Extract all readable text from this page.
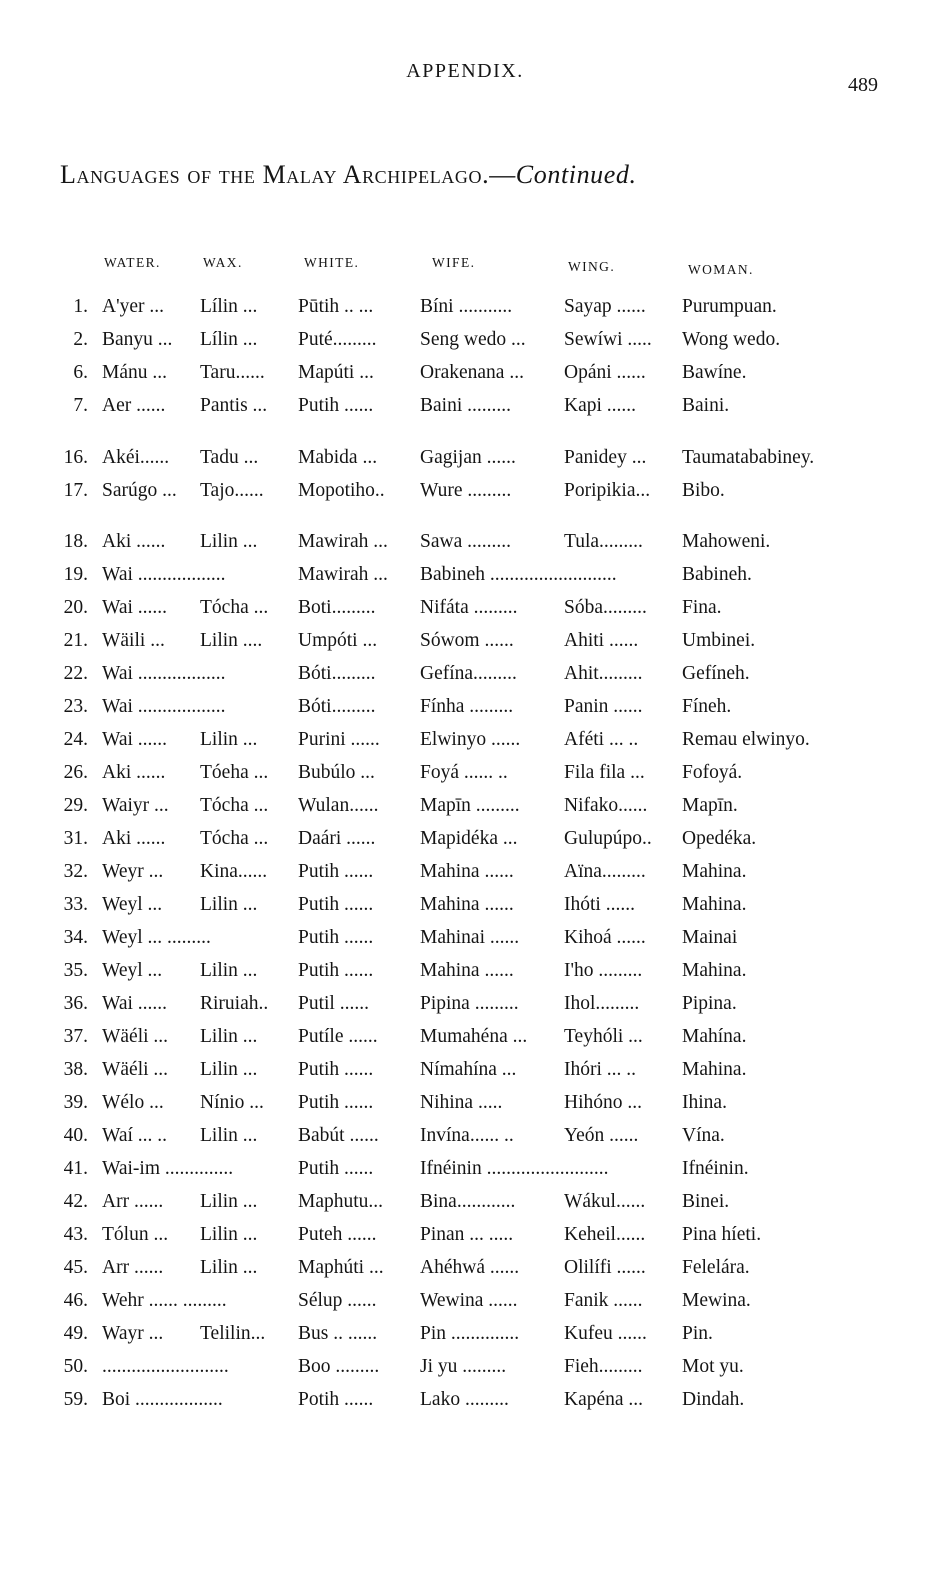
APPENDIX.
489
Languages of the Malay Archipelago.—Continued.
WATER.	WAX.	WHITE.	WIFE.	WING.	WOMAN.
1. A'yer ... Lílin ... Pūtih .. ... Bíni ...........	Sayap ...... Purumpuan.
2. Banyu ... Lílin ... Puté......... Seng wedo ... Sewíwi ..... Wong wedo.
6. Mánu ... Taru...... Mapúti ... Orakenana ... Opáni ...... Bawíne.
7. Aer ...... Pantis ... Putih ...... Baini .........	Kapi ...... Baini.
16. Akéi...... Tadu ... Mabida ... Gagijan ...... Panidey ... Taumatababiney.
17. Sarúgo ... Tajo...... Mopotiho.. Wure .........	Poripikia... Bibo.
18. Aki ...... Lilin ... Mawirah ... Sawa .........	Tula......... Mahoweni.
19. Wai ..................	Mawirah ... Babineh ..........................	Babineh.
20. Wai ...... Tócha ... Boti......... Nifáta ......... Sóba......... Fina.
21. Wäili ... Lilin .... Umpóti ... Sówom ......	Ahiti ...... Umbinei.
22. Wai ..................	Bóti......... Gefína......... Ahit......... Gefíneh.
23. Wai ..................	Bóti......... Fínha .........	Panin ...... Fíneh.
24. Wai ...... Lilin ... Purini ...... Elwinyo ...... Aféti ... .. Remau elwinyo.
26. Aki ...... Tóeha ... Bubúlo ... Foyá ...... ..	Fila fila ... Fofoyá.
29. Waiyr ... Tócha ... Wulan...... Mapīn ......... Nifako...... Mapīn.
31. Aki ...... Tócha ... Daári ...... Mapidéka ... Gulupúpo.. Opedéka.
32. Weyr ... Kina...... Putih ...... Mahina ......	Aïna......... Mahina.
33. Weyl ... Lilin ... Putih ...... Mahina ......	Ihóti ...... Mahina.
34. Weyl ... .........	Putih ...... Mahinai ...... Kihoá ...... Mainai
35. Weyl ... Lilin ... Putih ...... Mahina ......	I'ho ......... Mahina.
36. Wai ...... Riruiah.. Putil ......	Pipina ......... Ihol......... Pipina.
37. Wäéli ... Lilin ... Putíle ...... Mumahéna ... Teyhóli ... Mahína.
38. Wäéli ... Lilin ... Putih ...... Nímahína ... Ihóri ... .. Mahina.
39. Wélo ... Nínio ... Putih ...... Nihina .....	Hihóno ... Ihina.
40. Waí ... .. Lilin ... Babút ...... Invína...... ..	Yeón ...... Vína.
41. Wai-im ..............	Putih ...... Ifnéinin .........................	Ifnéinin.
42. Arr ...... Lilin ... Maphutu... Bina............ Wákul...... Binei.
43. Tólun ... Lilin ... Puteh ...... Pinan ... .....	Keheil...... Pina híeti.
45. Arr ...... Lilin ... Maphúti ... Ahéhwá ...... Olilífi ...... Felelára.
46. Wehr ...... .........	Sélup ...... Wewina ...... Fanik ...... Mewina.
49. Wayr ... Telilin... Bus .. ...... Pin .............. Kufeu ...... Pin.
50. ..........................	Boo ......... Ji yu .........	Fieh......... Mot yu.
59. Boi ..................	Potih ...... Lako .........	Kapéna ... Dindah.
